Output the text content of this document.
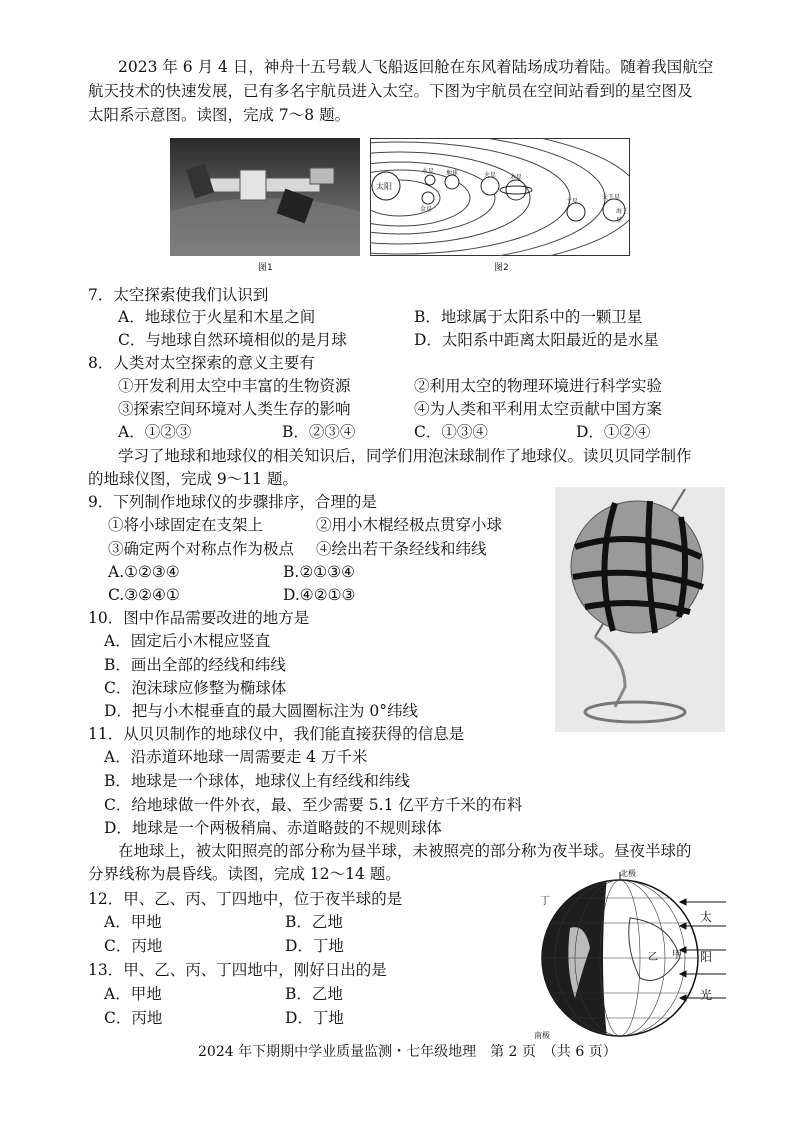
2023 年 6 月 4 日，神舟十五号载人飞船返回舱在东风着陆场成功着陆。随着我国航空
航天技术的快速发展，已有多名宇航员进入太空。下图为宇航员在空间站看到的星空图及
太阳系示意图。读图，完成 7～8 题。
图1
太阳
水星
金星
地球	火星 木星
土星
天王星
海王星
图2
7．太空探索使我们认识到
A．地球位于火星和木星之间	B．地球属于太阳系中的一颗卫星
C．与地球自然环境相似的是月球	D．太阳系中距离太阳最近的是水星
8．人类对太空探索的意义主要有
①开发利用太空中丰富的生物资源	②利用太空的物理环境进行科学实验
③探索空间环境对人类生存的影响	④为人类和平利用太空贡献中国方案
A．①②③	B．②③④	C．①③④	D．①②④
学习了地球和地球仪的相关知识后，同学们用泡沫球制作了地球仪。读贝贝同学制作
的地球仪图，完成 9～11 题。
9．下列制作地球仪的步骤排序，合理的是
①将小球固定在支架上	②用小木棍经极点贯穿小球
③确定两个对称点作为极点 ④绘出若干条经线和纬线
A.①②③④	B.②①③④
C.③②④①	D.④②①③
10．图中作品需要改进的地方是
A．固定后小木棍应竖直
B．画出全部的经线和纬线
C．泡沫球应修整为椭球体
D．把与小木棍垂直的最大圆圈标注为 0°纬线
11．从贝贝制作的地球仪中，我们能直接获得的信息是
A．沿赤道环地球一周需要走 4 万千米
B．地球是一个球体，地球仪上有经线和纬线
C．给地球做一件外衣，最、至少需要 5.1 亿平方千米的布料
D．地球是一个两极稍扁、赤道略鼓的不规则球体
在地球上，被太阳照亮的部分称为昼半球，未被照亮的部分称为夜半球。昼夜半球的
分界线称为晨昏线。读图，完成 12～14 题。
12．甲、乙、丙、丁四地中，位于夜半球的是
A．甲地	B．乙地
C．丙地	D．丁地
13．甲、乙、丙、丁四地中，刚好日出的是
A．甲地	B．乙地
C．丙地	D．丁地
北极
南极
太
阳
光
甲
乙
丙
丁
2024 年下期期中学业质量监测・七年级地理　第 2 页　（共 6 页）
